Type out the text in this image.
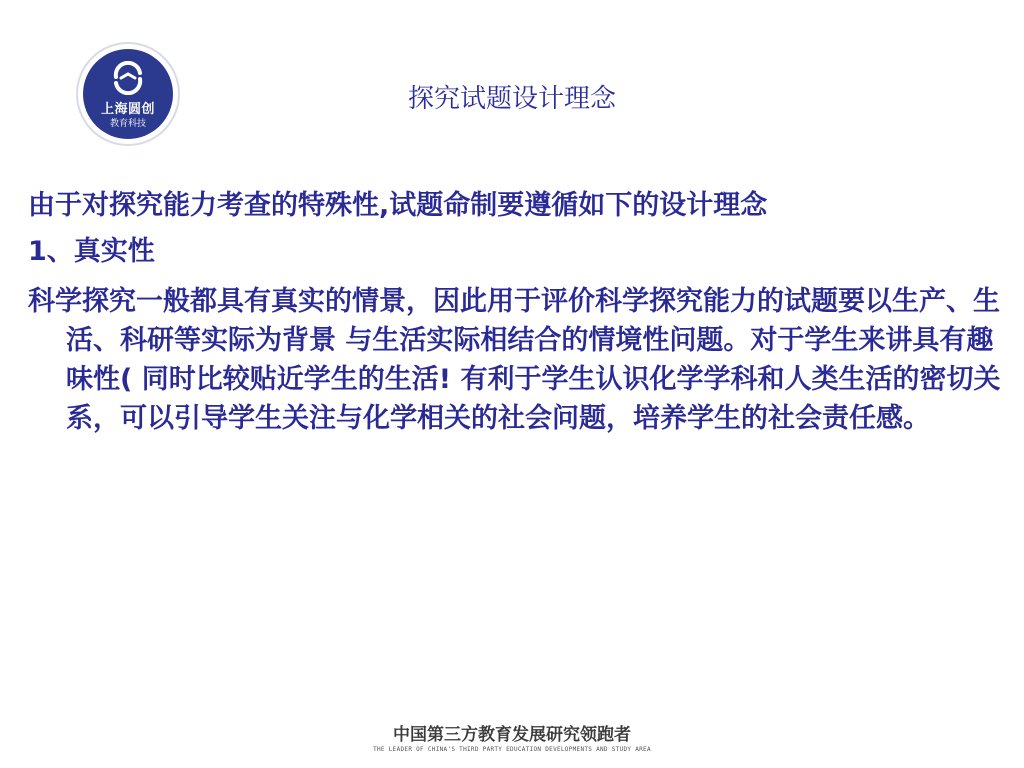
上海圆创
教育科技
探究试题设计理念

由于对探究能力考查的特殊性,试题命制要遵循如下的设计理念

1、真实性

科学探究一般都具有真实的情景，因此用于评价科学探究能力的试题要以生产、生活、科研等实际为背景 与生活实际相结合的情境性问题。对于学生来讲具有趣味性( 同时比较贴近学生的生活! 有利于学生认识化学学科和人类生活的密切关系，可以引导学生关注与化学相关的社会问题，培养学生的社会责任感。

中国第三方教育发展研究领跑者
THE LEADER OF CHINA'S THIRD PARTY EDUCATION DEVELOPMENTS AND STUDY AREA
